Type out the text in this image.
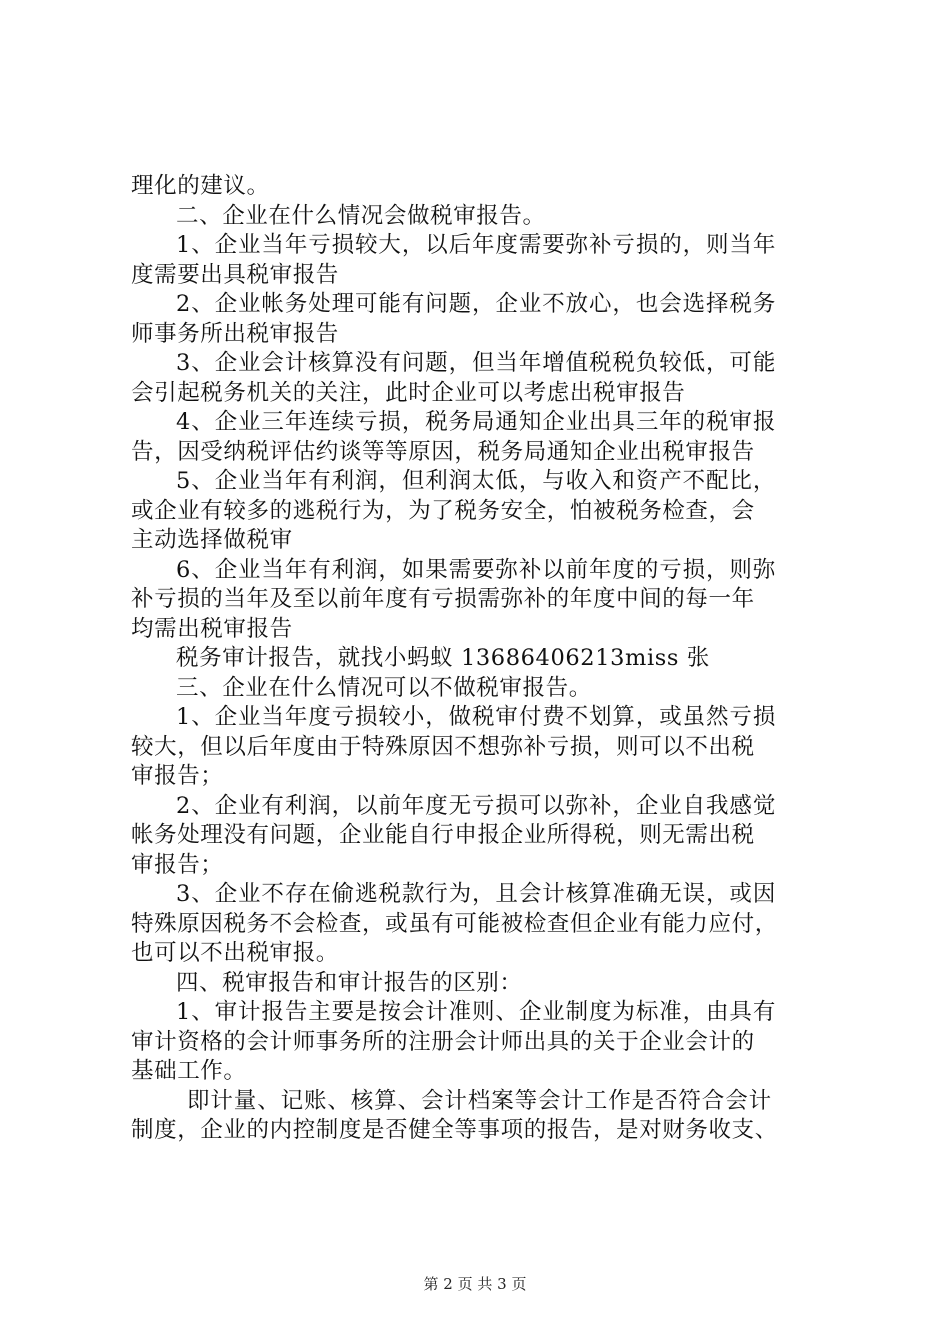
理化的建议。
二、企业在什么情况会做税审报告。
1、企业当年亏损较大，以后年度需要弥补亏损的，则当年
度需要出具税审报告
2、企业帐务处理可能有问题，企业不放心，也会选择税务
师事务所出税审报告
3、企业会计核算没有问题，但当年增值税税负较低，可能
会引起税务机关的关注，此时企业可以考虑出税审报告
4、企业三年连续亏损，税务局通知企业出具三年的税审报
告，因受纳税评估约谈等等原因，税务局通知企业出税审报告
5、企业当年有利润，但利润太低，与收入和资产不配比，
或企业有较多的逃税行为，为了税务安全，怕被税务检查，会
主动选择做税审
6、企业当年有利润，如果需要弥补以前年度的亏损，则弥
补亏损的当年及至以前年度有亏损需弥补的年度中间的每一年
均需出税审报告
税务审计报告，就找小蚂蚁 13686406213miss 张
三、企业在什么情况可以不做税审报告。
1、企业当年度亏损较小，做税审付费不划算，或虽然亏损
较大，但以后年度由于特殊原因不想弥补亏损，则可以不出税
审报告；
2、企业有利润，以前年度无亏损可以弥补，企业自我感觉
帐务处理没有问题，企业能自行申报企业所得税，则无需出税
审报告；
3、企业不存在偷逃税款行为，且会计核算准确无误，或因
特殊原因税务不会检查，或虽有可能被检查但企业有能力应付，
也可以不出税审报。
四、税审报告和审计报告的区别：
1、审计报告主要是按会计准则、企业制度为标准，由具有
审计资格的会计师事务所的注册会计师出具的关于企业会计的
基础工作。
即计量、记账、核算、会计档案等会计工作是否符合会计
制度，企业的内控制度是否健全等事项的报告，是对财务收支、
第 2 页 共 3 页
